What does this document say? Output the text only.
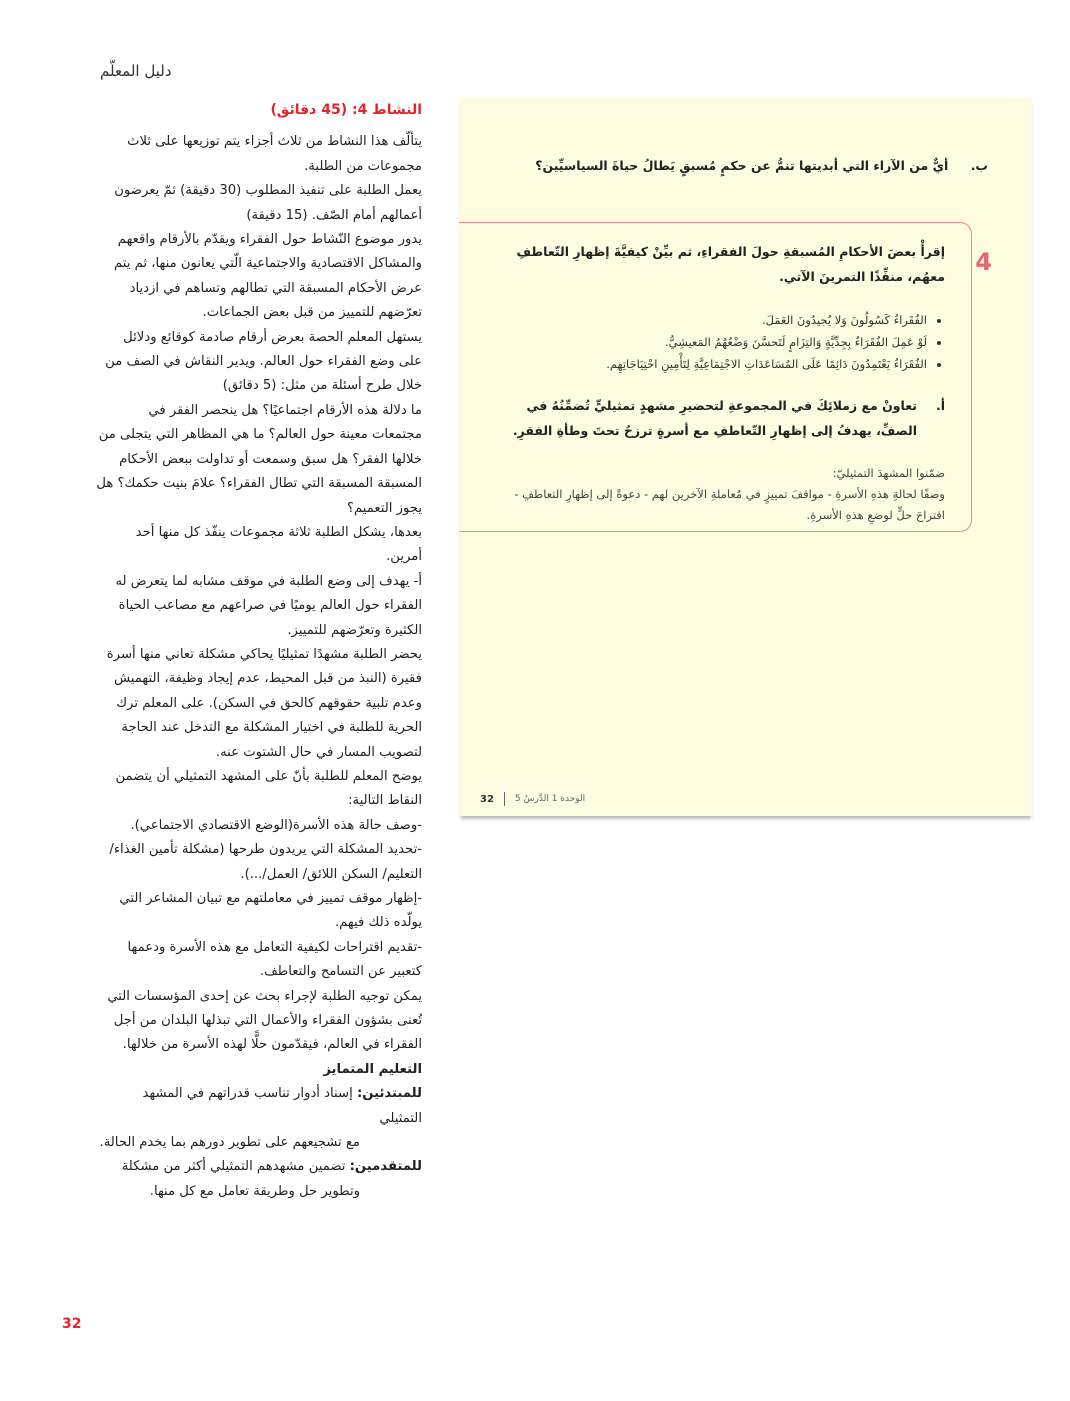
دليل المعلّم
النشاط 4: (45 دقائق)

يتألّف هذا النشاط من ثلاث أجزاء يتم توزيعها على ثلاث مجموعات من الطلبة.

يعمل الطلبة على تنفيذ المطلوب (30 دقيقة) ثمّ يعرضون أعمالهم أمام الصّف. (15 دقيقة)

يدور موضوع النّشاط حول الفقراء ويقدّم بالأرقام واقعهم والمشاكل الاقتصادية والاجتماعية الّتي يعانون منها، ثم يتم عرض الأحكام المسبقة التي تطالهم وتساهم في ازدياد تعرّضهم للتمييز من قبل بعض الجماعات.

يستهل المعلم الحصة بعرض أرقام صادمة كوقائع ودلائل على وضع الفقراء حول العالم. ويدير النقاش في الصف من خلال طرح أسئلة من مثل: (5 دقائق)

ما دلالة هذه الأرقام اجتماعيًا؟ هل ينحصر الفقر في مجتمعات معينة حول العالم؟ ما هي المظاهر التي يتجلى من خلالها الفقر؟ هل سبق وسمعت أو تداولت ببعض الأحكام المسبقة المسبقة التي تطال الفقراء؟ علامَ بنيت حكمك؟ هل يجوز التعميم؟

بعدها، يشكل الطلبة ثلاثة مجموعات ينفّذ كل منها أحد أمرين.

أ- يهدف إلى وضع الطلبة في موقف مشابه لما يتعرض له الفقراء حول العالم يوميًا في صراعهم مع مصاعب الحياة الكثيرة وتعرّضهم للتمييز.

يحضر الطلبة مشهدًا تمثيليًا يحاكي مشكلة تعاني منها أسرة فقيرة (النبذ من قبل المحيط، عدم إيجاد وظيفة، التهميش وعدم تلبية حقوقهم كالحق في السكن). على المعلم ترك الحرية للطلبة في اختيار المشكلة مع التدخل عند الحاجة لتصويب المسار في حال الشتوت عنه.

يوضح المعلم للطلبة بأنّ على المشهد التمثيلي أن يتضمن النقاط التالية:

-وصف حالة هذه الأسرة(الوضع الاقتصادي الاجتماعي).

-تحديد المشكلة التي يريدون طرحها (مشكلة تأمين الغذاء/ التعليم/ السكن اللائق/ العمل/...).

-إظهار موقف تمييز في معاملتهم مع تبيان المشاعر التي يولّده ذلك فيهم.

-تقديم اقتراحات لكيفية التعامل مع هذه الأسرة ودعمها كتعبير عن التسامح والتعاطف.

يمكن توجيه الطلبة لإجراء بحث عن إحدى المؤسسات التي تُعنى بشؤون الفقراء والأعمال التي تبذلها البلدان من أجل الفقراء في العالم، فيقدّمون حلًّا لهذه الأسرة من خلالها.

التعليم المتمايز

للمبتدئين: إسناد أدوار تناسب قدراتهم في المشهد التمثيلي

مع تشجيعهم على تطوير دورهم بما يخدم الحالة.

للمتقدمين: تضمين مشهدهم التمثيلي أكثر من مشكلة

وتطوير حل وطريقة تعامل مع كل منها.

ب. أيٌّ من الآراء التي أبديتها تنمُّ عن حكمٍ مُسبقٍ يَطالُ حياةَ السياسيِّين؟
4

إقرأْ بعضَ الأحكامِ المُسبقةِ حولَ الفقراءِ، ثم بيِّنْ كيفيَّةَ إظهارِ التّعاطفِ معهُم، منفِّذًا التمرينَ الآتي.

• الفُقَراءُ كَسُولُونَ وَلا يُجيدُونَ العَمَلَ.
• لَوْ عَمِلَ الفُقَرَاءُ بِجِدِّيَّةٍ وَالتِزَامٍ لَتَحسَّنَ وَضْعُهُمُ المَعيشِيُّ.
• الفُقَرَاءُ يَعْتَمِدُونَ دَائِمًا عَلَى المُسَاعَدَاتِ الاجْتِمَاعِيَّةِ لِتَأْمِينِ احْتِيَاجَاتِهِم.

أ.
تعاونْ مع زملائِكَ في المجموعةِ لتحضيرِ مشهدٍ تمثيليٍّ تُضمِّنُهُ في الصفِّ، يهدفُ إلى إظهارِ التّعاطفِ مع أسرةٍ ترزحُ تحتَ وطأةِ الفقرِ.

ضمّنوا المشهدَ التمثيليّ:
وصفًا لحالةِ هذهِ الأسرةِ - مواقفَ تمييزٍ في مُعاملةِ الآخرين لهم - دعوةً إلى إظهارِ التعاطفِ - اقتراحَ حلٍّ لوضعِ هذهِ الأسرةِ.

32 الوحدة 1 الدَّرسُ 5
32
